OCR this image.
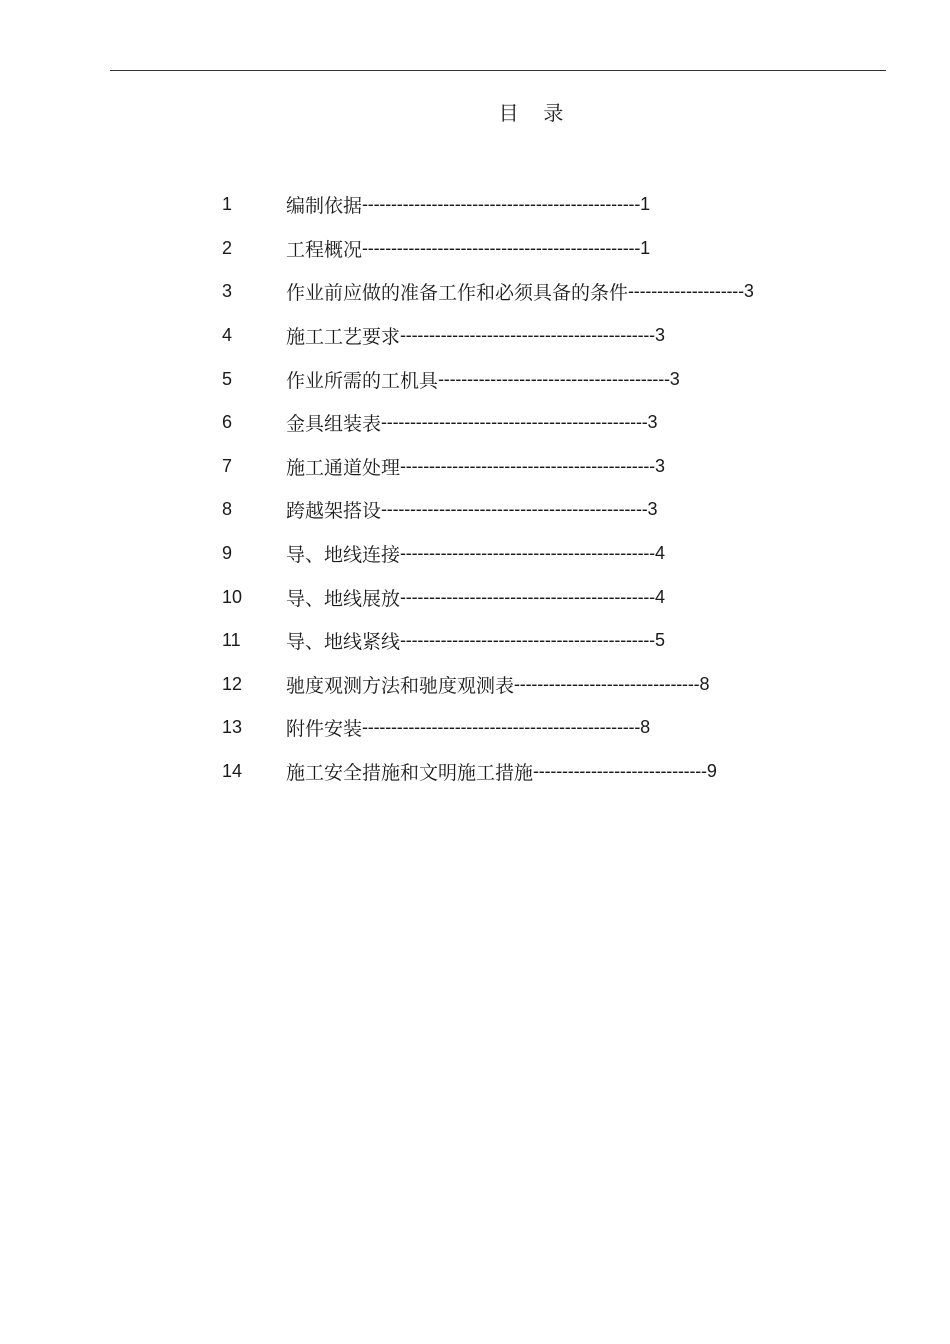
目  录
1	编制依据 ------------------------------------------------ 1
2	工程概况 ------------------------------------------------ 1
3	作业前应做的准备工作和必须具备的条件 -------------------- 3
4	施工工艺要求 -------------------------------------------- 3
5	作业所需的工机具 ---------------------------------------- 3
6	金具组装表 ---------------------------------------------- 3
7	施工通道处理 -------------------------------------------- 3
8	跨越架搭设 ---------------------------------------------- 3
9	导、地线连接 -------------------------------------------- 4
10	导、地线展放 -------------------------------------------- 4
11	导、地线紧线 -------------------------------------------- 5
12	驰度观测方法和驰度观测表 -------------------------------- 8
13	附件安装 ------------------------------------------------ 8
14	施工安全措施和文明施工措施 ------------------------------ 9
